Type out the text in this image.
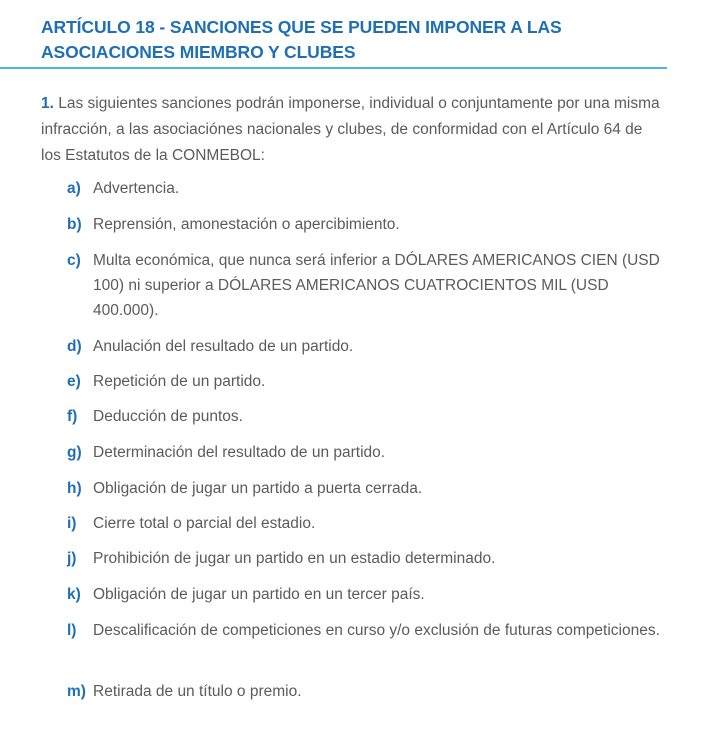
ARTÍCULO 18 - SANCIONES QUE SE PUEDEN IMPONER A LAS
ASOCIACIONES MIEMBRO Y CLUBES

1. Las siguientes sanciones podrán imponerse, individual o conjuntamente por una misma infracción, a las asociaciónes nacionales y clubes, de conformidad con el Artículo 64 de los Estatutos de la CONMEBOL:

a) Advertencia.
b) Reprensión, amonestación o apercibimiento.
c) Multa económica, que nunca será inferior a DÓLARES AMERICANOS CIEN (USD 100) ni superior a DÓLARES AMERICANOS CUATROCIENTOS MIL (USD 400.000).
d) Anulación del resultado de un partido.
e) Repetición de un partido.
f) Deducción de puntos.
g) Determinación del resultado de un partido.
h) Obligación de jugar un partido a puerta cerrada.
i) Cierre total o parcial del estadio.
j) Prohibición de jugar un partido en un estadio determinado.
k) Obligación de jugar un partido en un tercer país.
l) Descalificación de competiciones en curso y/o exclusión de futuras competiciones.
m) Retirada de un título o premio.
